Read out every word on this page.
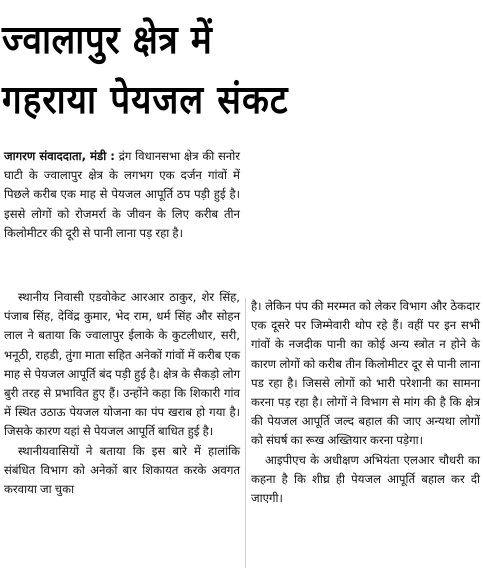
ज्वालापुर क्षेत्र में
गहराया पेयजल संकट

जागरण संवाददाता, मंडी : द्रंग विधानसभा क्षेत्र की सनोर घाटी के ज्वालापुर क्षेत्र के लगभग एक दर्जन गांवों में पिछले करीब एक माह से पेयजल आपूर्ति ठप पड़ी हुई है। इससे लोगों को रोजमर्रा के जीवन के लिए करीब तीन किलोमीटर की दूरी से पानी लाना पड़ रहा है।

स्थानीय निवासी एडवोकेट आरआर ठाकुर, शेर सिंह, पंजाब सिंह, देविंद्र कुमार, भेद राम, धर्म सिंह और सोहन लाल ने बताया कि ज्वालापुर ईलाके के कुटलीधार, सरी, भनूठी, राहडी, तुंगा माता सहित अनेकों गांवों में करीब एक माह से पेयजल आपूर्ति बंद पड़ी हुई है। क्षेत्र के सैकड़ो लोग बुरी तरह से प्रभावित हुए हैं। उन्होंने कहा कि शिकारी गांव में स्थित उठाऊ पेयजल योजना का पंप खराब हो गया है। जिसके कारण यहां से पेयजल आपूर्ति बाधित हुई है।

स्थानीयवासियों ने बताया कि इस बारे में हालांकि संबंधित विभाग को अनेकों बार शिकायत करके अवगत करवाया जा चुका

है। लेकिन पंप की मरम्मत को लेकर विभाग और ठेकदार एक दूसरे पर जिम्मेवारी थोप रहे हैं। वहीं पर इन सभी गांवों के नजदीक पानी का कोई अन्य स्त्रोत न होने के कारण लोगों को करीब तीन किलोमीटर दूर से पानी लाना पड रहा है। जिससे लोगों को भारी परेशानी का सामना करना पड़ रहा है। लोगों ने विभाग से मांग की है कि क्षेत्र की पेयजल आपूर्ति जल्द बहाल की जाए अन्यथा लोगों को संघर्ष का रूख अख्तियार करना पड़ेगा।

आइपीएच के अधीक्षण अभियंता एलआर चौधरी का कहना है कि शीघ्र ही पेयजल आपूर्ति बहाल कर दी जाएगी।
